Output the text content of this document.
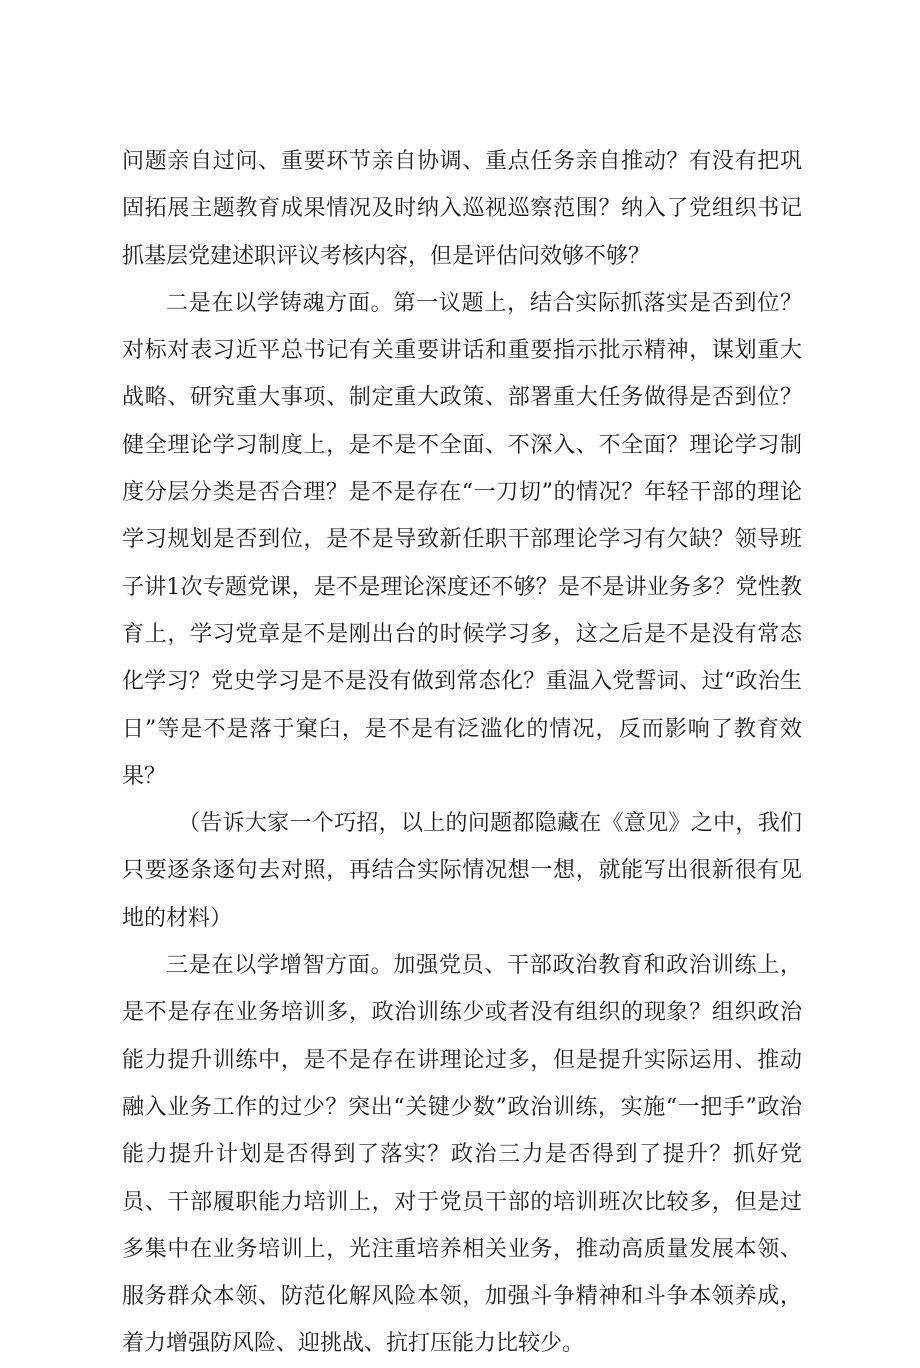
问题亲自过问、重要环节亲自协调、重点任务亲自推动？有没有把巩固拓展主题教育成果情况及时纳入巡视巡察范围？纳入了党组织书记抓基层党建述职评议考核内容，但是评估问效够不够？

二是在以学铸魂方面。第一议题上，结合实际抓落实是否到位？对标对表习近平总书记有关重要讲话和重要指示批示精神，谋划重大战略、研究重大事项、制定重大政策、部署重大任务做得是否到位？健全理论学习制度上，是不是不全面、不深入、不全面？理论学习制度分层分类是否合理？是不是存在“一刀切”的情况？年轻干部的理论学习规划是否到位，是不是导致新任职干部理论学习有欠缺？领导班子讲1次专题党课，是不是理论深度还不够？是不是讲业务多？党性教育上，学习党章是不是刚出台的时候学习多，这之后是不是没有常态化学习？党史学习是不是没有做到常态化？重温入党誓词、过“政治生日”等是不是落于窠臼，是不是有泛滥化的情况，反而影响了教育效果？

（告诉大家一个巧招，以上的问题都隐藏在《意见》之中，我们只要逐条逐句去对照，再结合实际情况想一想，就能写出很新很有见地的材料）

三是在以学增智方面。加强党员、干部政治教育和政治训练上，是不是存在业务培训多，政治训练少或者没有组织的现象？组织政治能力提升训练中，是不是存在讲理论过多，但是提升实际运用、推动融入业务工作的过少？突出“关键少数”政治训练，实施“一把手”政治能力提升计划是否得到了落实？政治三力是否得到了提升？抓好党员、干部履职能力培训上，对于党员干部的培训班次比较多，但是过多集中在业务培训上，光注重培养相关业务，推动高质量发展本领、服务群众本领、防范化解风险本领，加强斗争精神和斗争本领养成，着力增强防风险、迎挑战、抗打压能力比较少。
